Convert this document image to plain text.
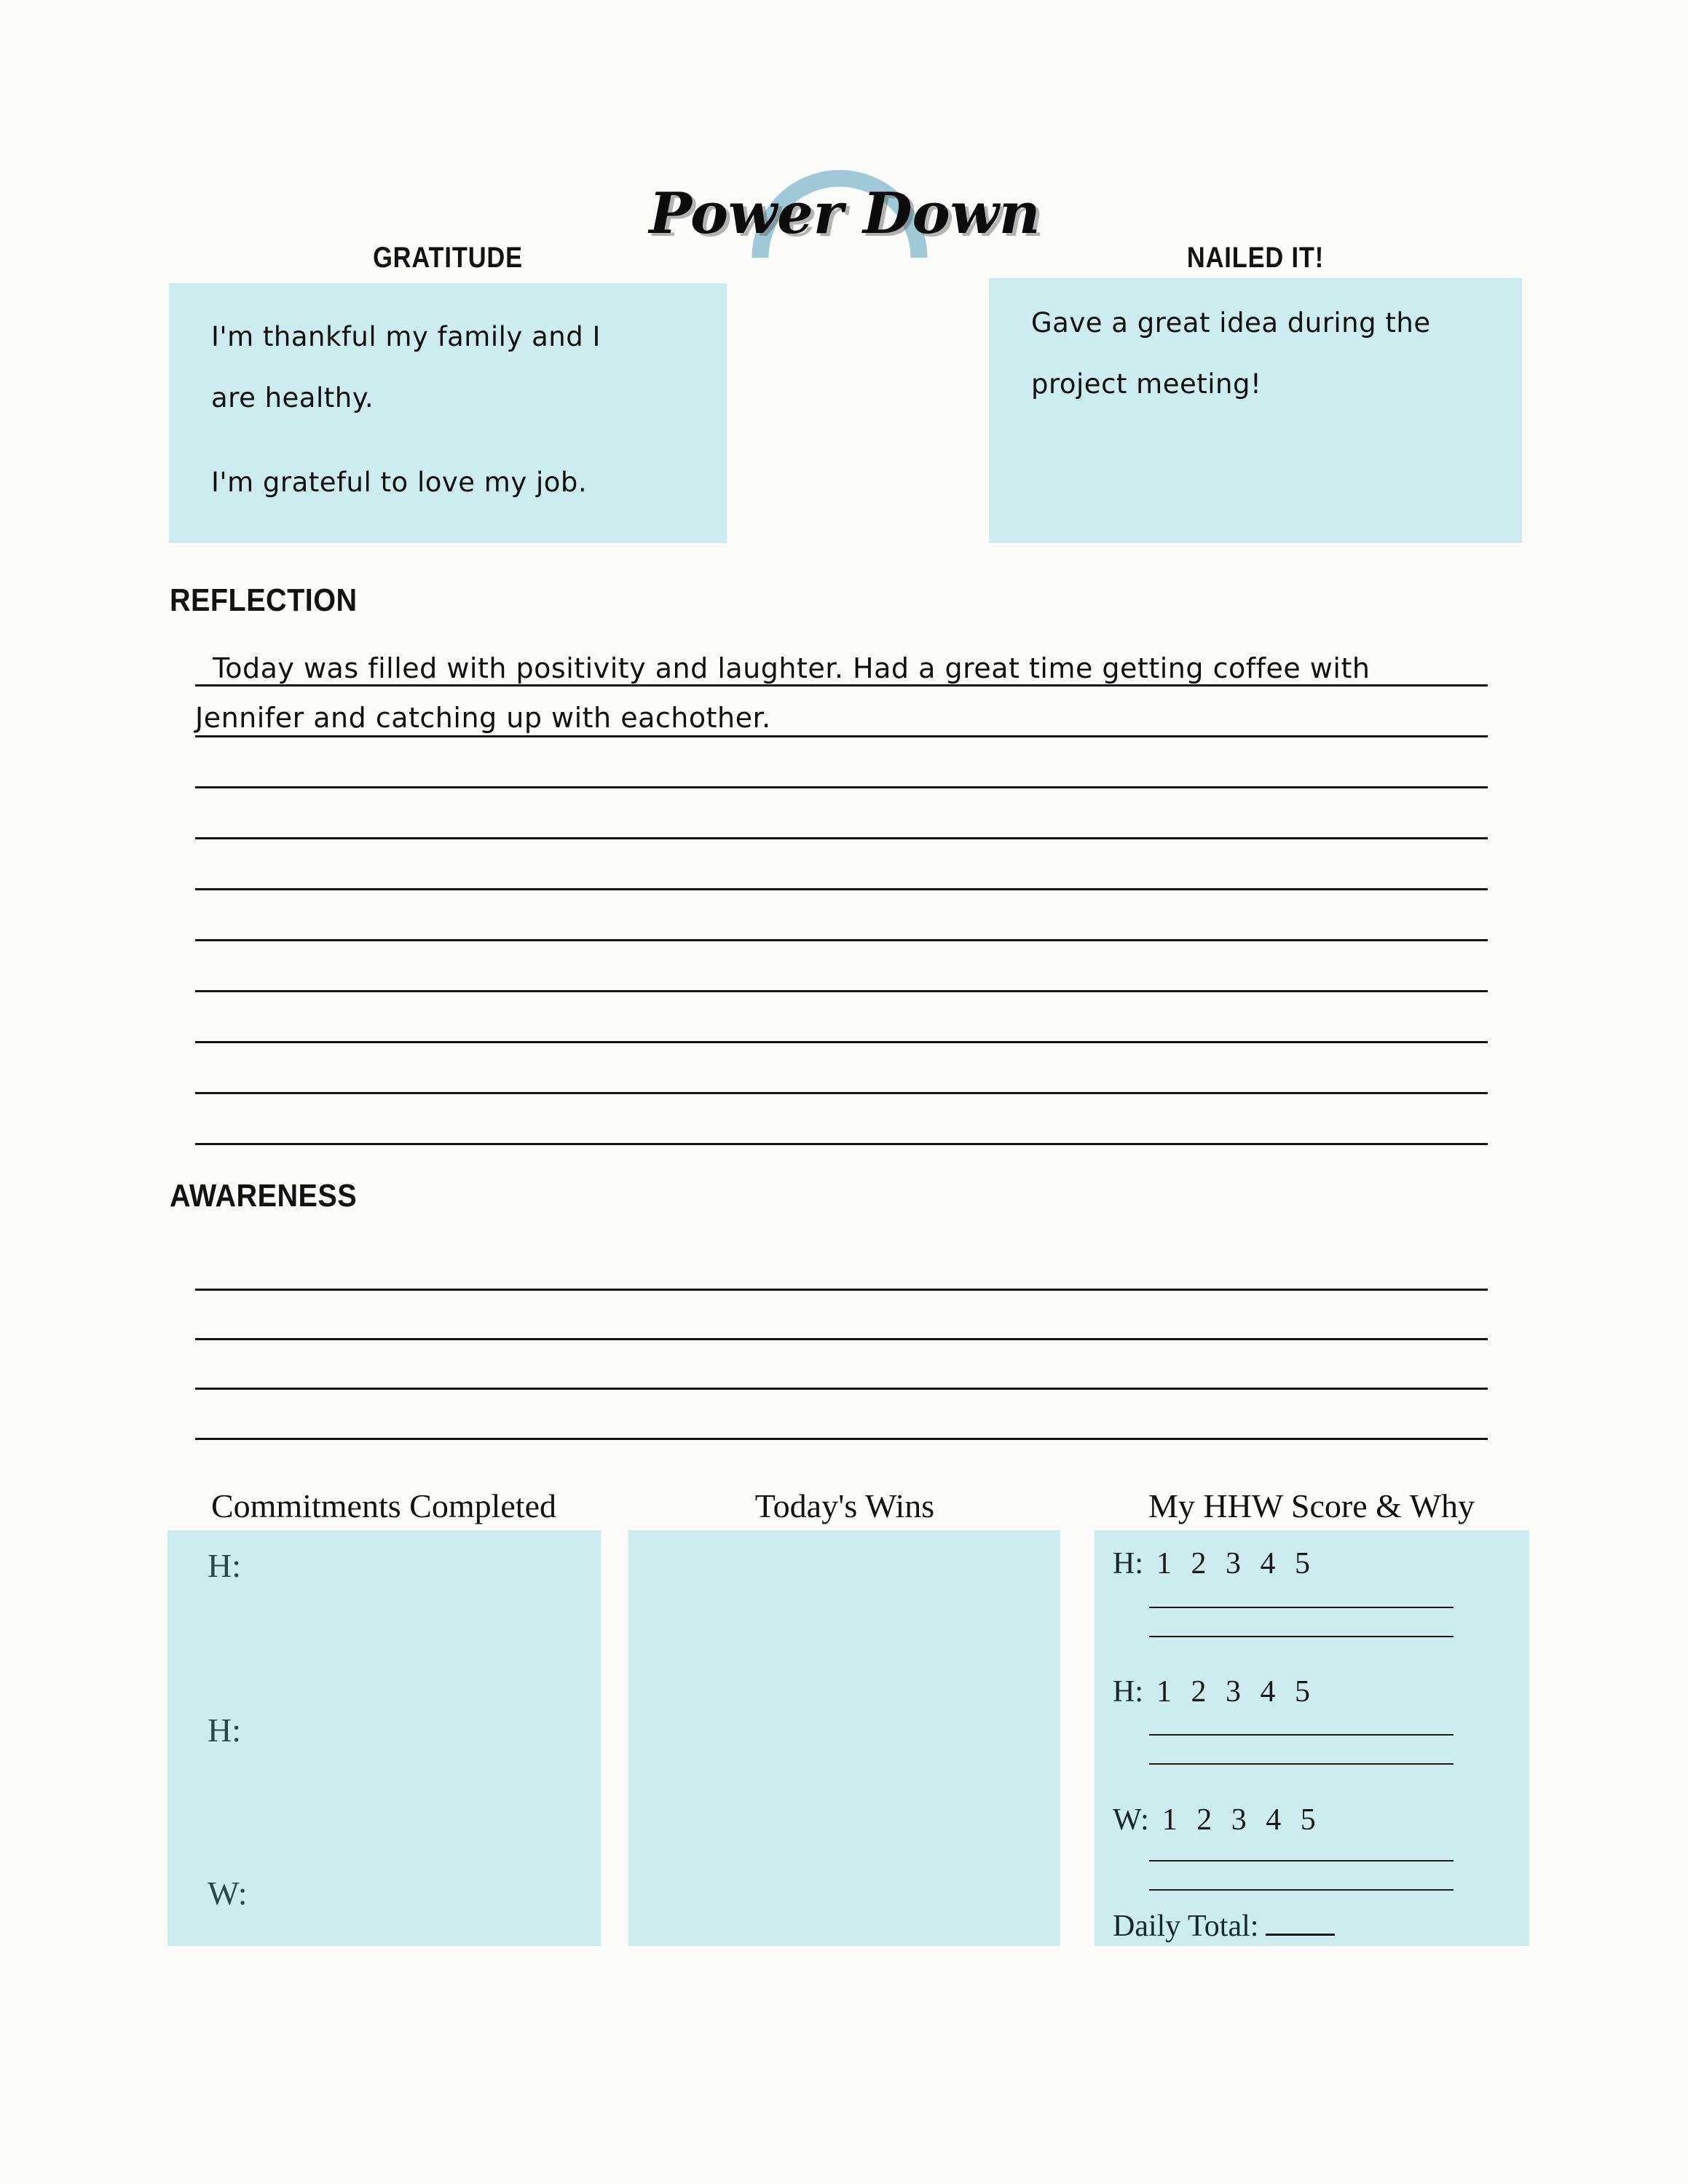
Power Down
GRATITUDE
I'm thankful my family and I are healthy.
I'm grateful to love my job.
NAILED IT!
Gave a great idea during the project meeting!
REFLECTION
Today was filled with positivity and laughter. Had a great time getting coffee with
Jennifer and catching up with eachother.
AWARENESS
Commitments Completed	Today's Wins	My HHW Score & Why
H:
H:
W:
H: 1 2 3 4 5
H: 1 2 3 4 5
W: 1 2 3 4 5
Daily Total:
